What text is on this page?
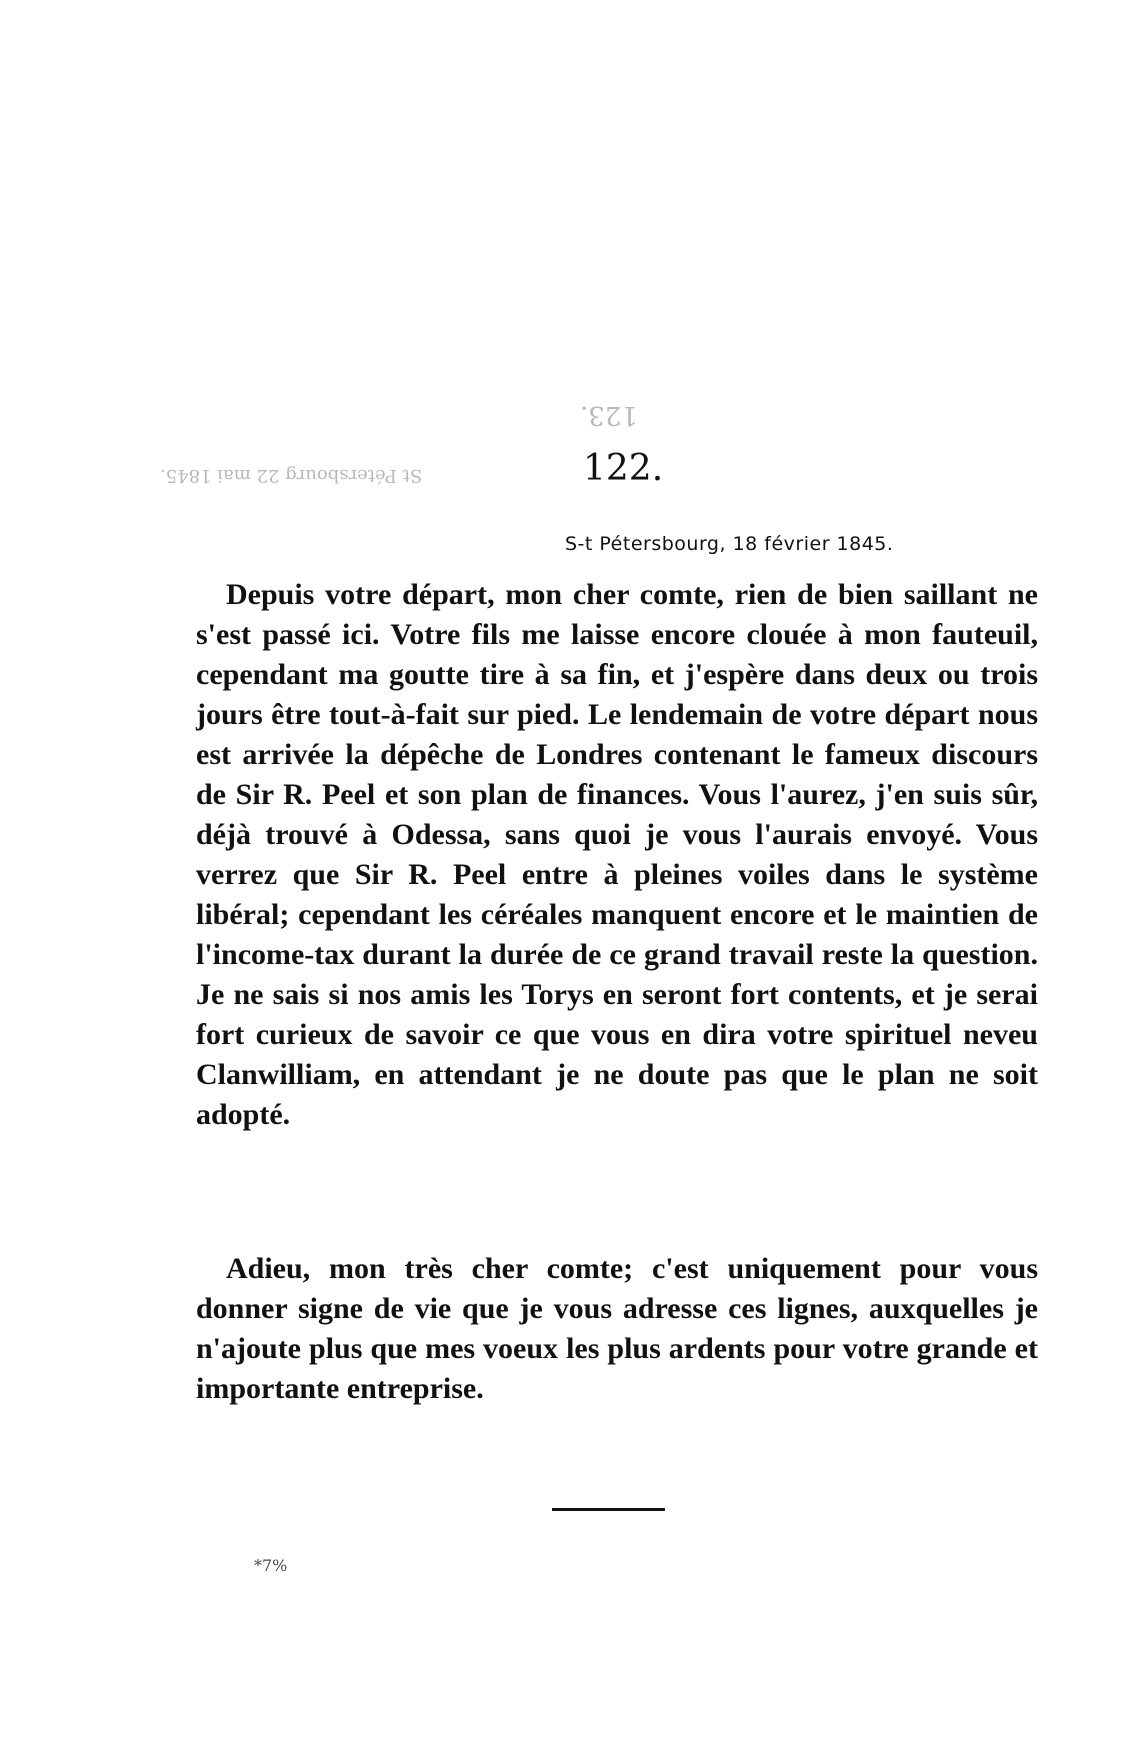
123.
St Pétersbourg 22 mai 1845.	122.
S-t Pétersbourg, 18 février 1845.

Depuis votre départ, mon cher comte, rien de bien saillant ne s'est passé ici. Votre fils me laisse encore clouée à mon fauteuil, cependant ma goutte tire à sa fin, et j'espère dans deux ou trois jours être tout-à-fait sur pied. Le lendemain de votre départ nous est arrivée la dépêche de Londres contenant le fameux discours de Sir R. Peel et son plan de finances. Vous l'aurez, j'en suis sûr, déjà trouvé à Odessa, sans quoi je vous l'aurais envoyé. Vous verrez que Sir R. Peel entre à pleines voiles dans le système libéral; cependant les céréales manquent encore et le maintien de l'income-tax durant la durée de ce grand travail reste la question. Je ne sais si nos amis les Torys en seront fort contents, et je serai fort curieux de savoir ce que vous en dira votre spirituel neveu Clanwilliam, en attendant je ne doute pas que le plan ne soit adopté.

Adieu, mon très cher comte; c'est uniquement pour vous donner signe de vie que je vous adresse ces lignes, auxquelles je n'ajoute plus que mes voeux les plus ardents pour votre grande et importante entreprise.

*7%
